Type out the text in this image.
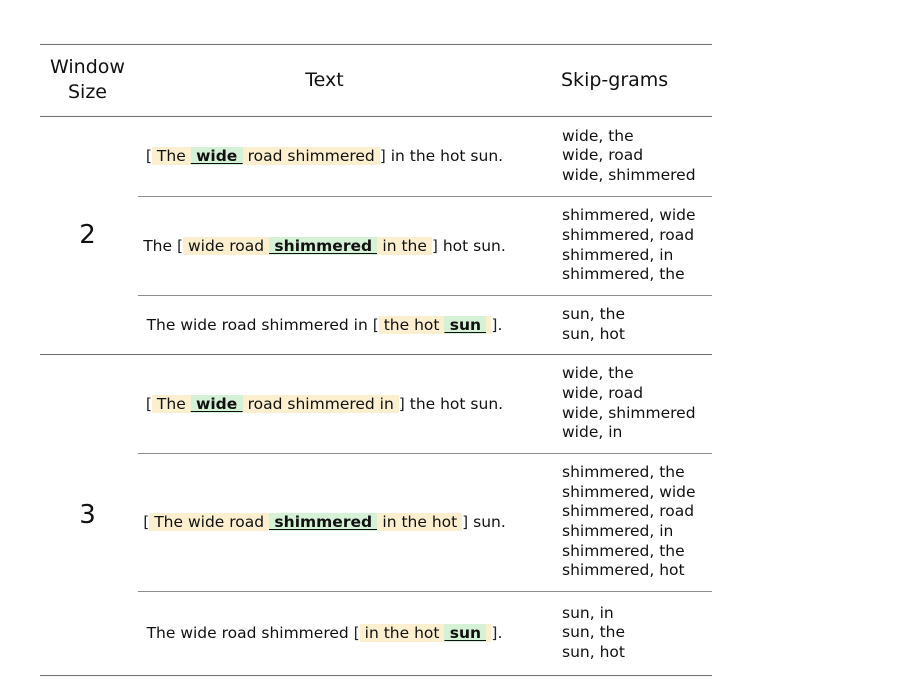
Window
Size
Text	Skip-grams
2
[ The  wide  road shimmered ] in the hot sun.
wide, the
wide, road
wide, shimmered
The [ wide road  shimmered  in the ] hot sun.
shimmered, wide
shimmered, road
shimmered, in
shimmered, the
The wide road shimmered in [ the hot  sun  ].
sun, the
sun, hot
3
[ The  wide  road shimmered in ] the hot sun.
wide, the
wide, road
wide, shimmered
wide, in
[ The wide road  shimmered  in the hot ] sun.
shimmered, the
shimmered, wide
shimmered, road
shimmered, in
shimmered, the
shimmered, hot
The wide road shimmered [ in the hot  sun  ].
sun, in
sun, the
sun, hot
